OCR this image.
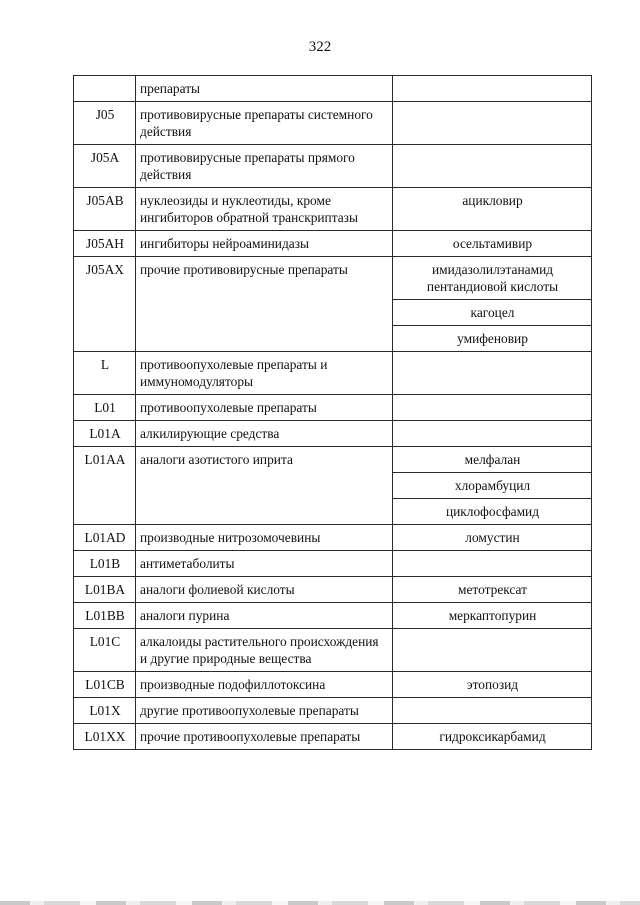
322
	препараты	
J05	противовирусные препараты системного действия	
J05A	противовирусные препараты прямого действия	
J05AB	нуклеозиды и нуклеотиды, кроме ингибиторов обратной транскриптазы	ацикловир
J05AH	ингибиторы нейроаминидазы	осельтамивир
J05AX	прочие противовирусные препараты	имидазолилэтанамид пентандиовой кислоты
		кагоцел
		умифеновир
L	противоопухолевые препараты и иммуномодуляторы	
L01	противоопухолевые препараты	
L01A	алкилирующие средства	
L01AA	аналоги азотистого иприта	мелфалан
		хлорамбуцил
		циклофосфамид
L01AD	производные нитрозомочевины	ломустин
L01B	антиметаболиты	
L01BA	аналоги фолиевой кислоты	метотрексат
L01BB	аналоги пурина	меркаптопурин
L01C	алкалоиды растительного происхождения и другие природные вещества	
L01CB	производные подофиллотоксина	этопозид
L01X	другие противоопухолевые препараты	
L01XX	прочие противоопухолевые препараты	гидроксикарбамид
